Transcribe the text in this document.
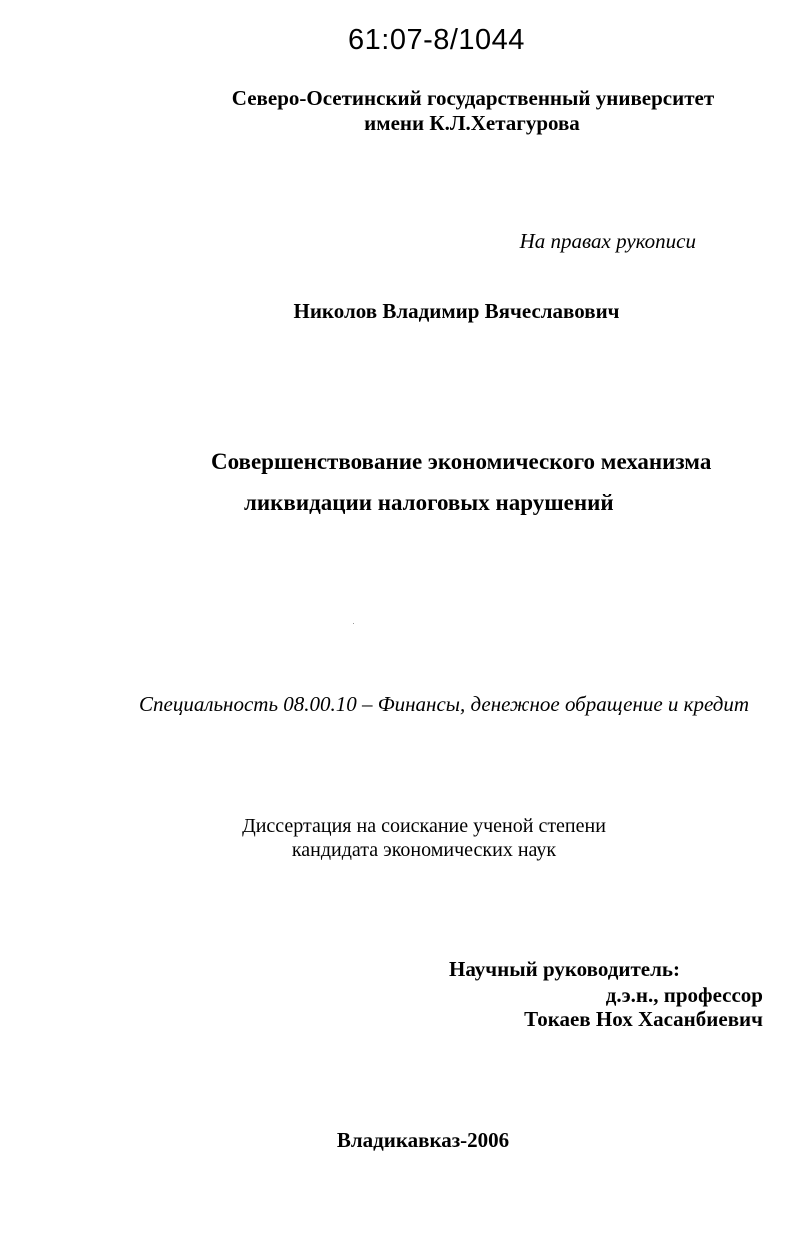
61:07-8/1044
Северо-Осетинский государственный университет
имени К.Л.Хетагурова
На правах рукописи
Николов Владимир Вячеславович
Совершенствование экономического механизма
ликвидации налоговых нарушений
Специальность 08.00.10 – Финансы, денежное обращение и кредит
Диссертация на соискание ученой степени
кандидата экономических наук
Научный руководитель:
д.э.н., профессор
Токаев Нох Хасанбиевич
Владикавказ-2006
